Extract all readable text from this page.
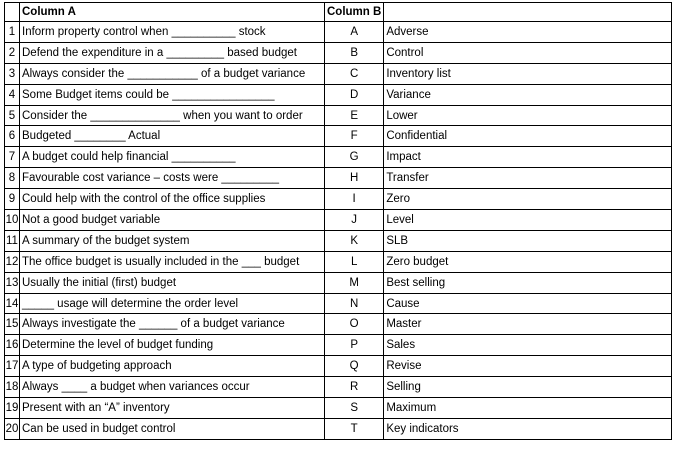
	Column A	Column B	
1	Inform property control when __________ stock	A	Adverse
2	Defend the expenditure in a _________ based budget	B	Control
3	Always consider the ___________ of a budget variance	C	Inventory list
4	Some Budget items could be ________________	D	Variance
5	Consider the ______________ when you want to order	E	Lower
6	Budgeted ________ Actual	F	Confidential
7	A budget could help financial __________	G	Impact
8	Favourable cost variance – costs were _________	H	Transfer
9	Could help with the control of the office supplies	I	Zero
10	Not a good budget variable	J	Level
11	A summary of the budget system	K	SLB
12	The office budget is usually included in the ___ budget	L	Zero budget
13	Usually the initial (first) budget	M	Best selling
14	_____ usage will determine the order level	N	Cause
15	Always investigate the ______ of a budget variance	O	Master
16	Determine the level of budget funding	P	Sales
17	A type of budgeting approach	Q	Revise
18	Always ____ a budget when variances occur	R	Selling
19	Present with an “A” inventory	S	Maximum
20	Can be used in budget control	T	Key indicators
